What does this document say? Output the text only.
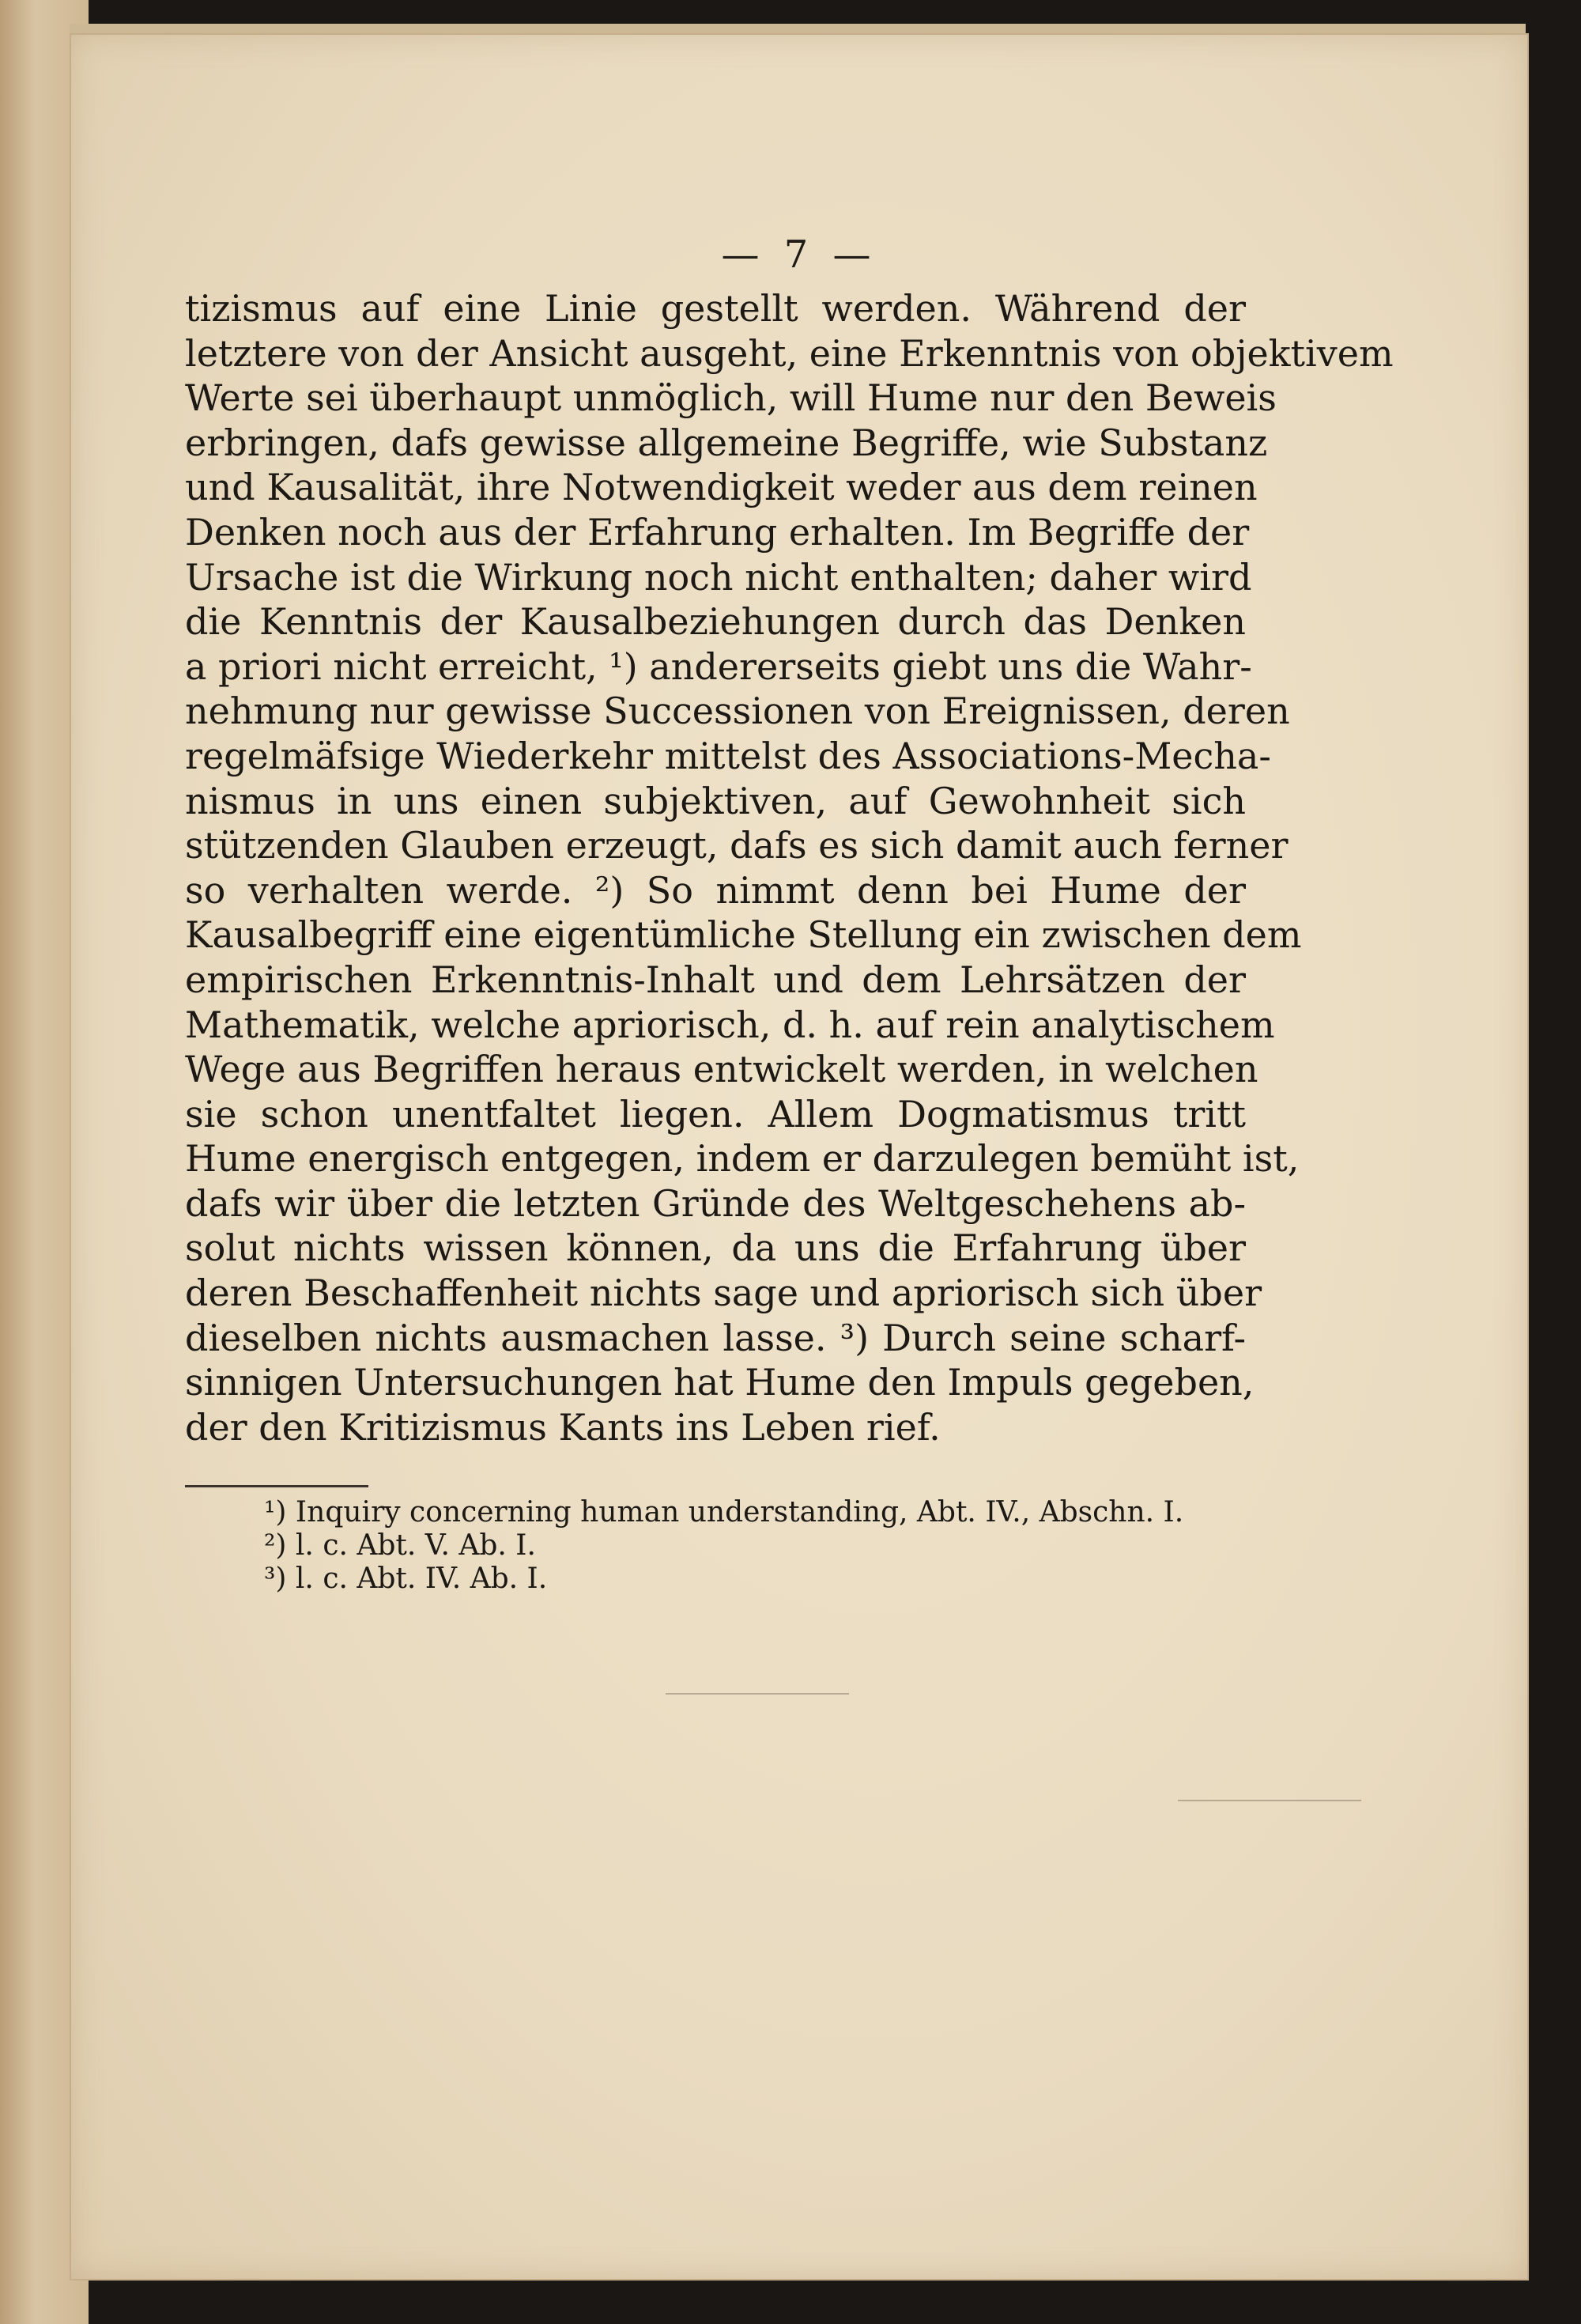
— 7 —
tizismus auf eine Linie gestellt werden. Während der
letztere von der Ansicht ausgeht, eine Erkenntnis von objektivem
Werte sei überhaupt unmöglich, will Hume nur den Beweis
erbringen, dafs gewisse allgemeine Begriffe, wie Substanz
und Kausalität, ihre Notwendigkeit weder aus dem reinen
Denken noch aus der Erfahrung erhalten. Im Begriffe der
Ursache ist die Wirkung noch nicht enthalten; daher wird
die Kenntnis der Kausalbeziehungen durch das Denken
a priori nicht erreicht, ¹) andererseits giebt uns die Wahr-
nehmung nur gewisse Successionen von Ereignissen, deren
regelmäfsige Wiederkehr mittelst des Associations-Mecha-
nismus in uns einen subjektiven, auf Gewohnheit sich
stützenden Glauben erzeugt, dafs es sich damit auch ferner
so verhalten werde. ²) So nimmt denn bei Hume der
Kausalbegriff eine eigentümliche Stellung ein zwischen dem
empirischen Erkenntnis-Inhalt und dem Lehrsätzen der
Mathematik, welche apriorisch, d. h. auf rein analytischem
Wege aus Begriffen heraus entwickelt werden, in welchen
sie schon unentfaltet liegen. Allem Dogmatismus tritt
Hume energisch entgegen, indem er darzulegen bemüht ist,
dafs wir über die letzten Gründe des Weltgeschehens ab-
solut nichts wissen können, da uns die Erfahrung über
deren Beschaffenheit nichts sage und apriorisch sich über
dieselben nichts ausmachen lasse. ³) Durch seine scharf-
sinnigen Untersuchungen hat Hume den Impuls gegeben,
der den Kritizismus Kants ins Leben rief.
¹) Inquiry concerning human understanding, Abt. IV., Abschn. I.
²) l. c. Abt. V. Ab. I.
³) l. c. Abt. IV. Ab. I.
